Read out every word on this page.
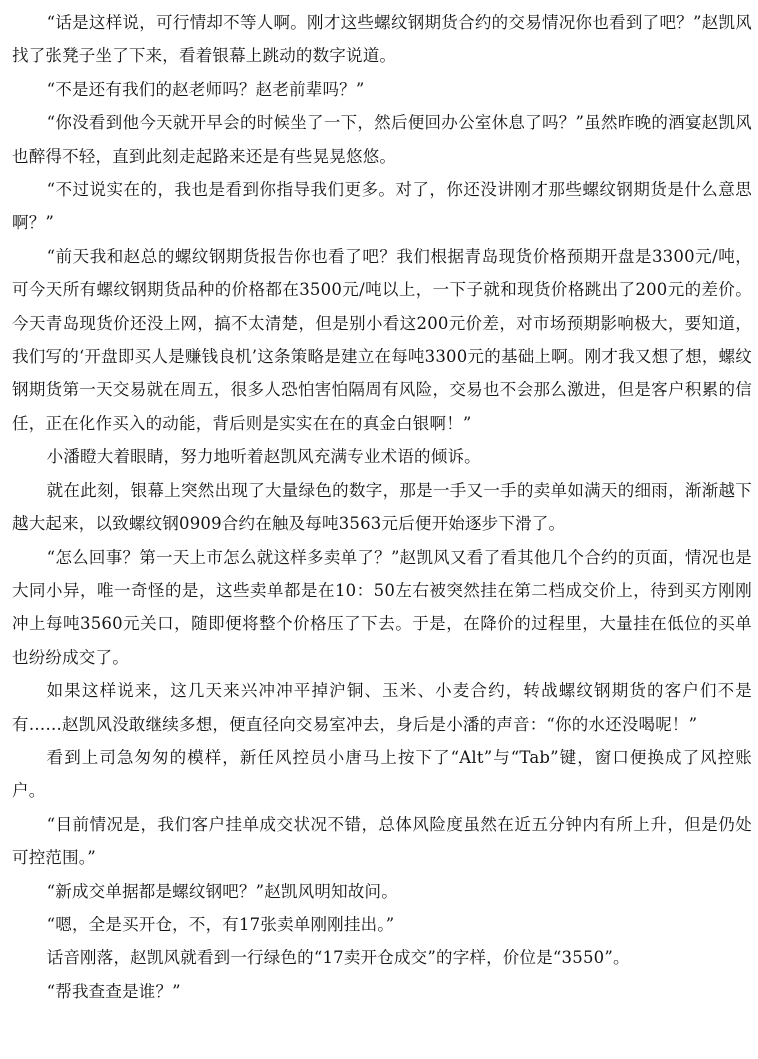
“话是这样说，可行情却不等人啊。刚才这些螺纹钢期货合约的交易情况你也看到了吧？”赵凯风找了张凳子坐了下来，看着银幕上跳动的数字说道。

“不是还有我们的赵老师吗？赵老前辈吗？”

“你没看到他今天就开早会的时候坐了一下，然后便回办公室休息了吗？”虽然昨晚的酒宴赵凯风也醉得不轻，直到此刻走起路来还是有些晃晃悠悠。

“不过说实在的，我也是看到你指导我们更多。对了，你还没讲刚才那些螺纹钢期货是什么意思啊？”

“前天我和赵总的螺纹钢期货报告你也看了吧？我们根据青岛现货价格预期开盘是3300元/吨，可今天所有螺纹钢期货品种的价格都在3500元/吨以上，一下子就和现货价格跳出了200元的差价。今天青岛现货价还没上网，搞不太清楚，但是别小看这200元价差，对市场预期影响极大，要知道，我们写的‘开盘即买人是赚钱良机’这条策略是建立在每吨3300元的基础上啊。刚才我又想了想，螺纹钢期货第一天交易就在周五，很多人恐怕害怕隔周有风险，交易也不会那么激进，但是客户积累的信任，正在化作买入的动能，背后则是实实在在的真金白银啊！”

小潘瞪大着眼睛，努力地听着赵凯风充满专业术语的倾诉。

就在此刻，银幕上突然出现了大量绿色的数字，那是一手又一手的卖单如满天的细雨，渐渐越下越大起来，以致螺纹钢0909合约在触及每吨3563元后便开始逐步下滑了。

“怎么回事？第一天上市怎么就这样多卖单了？”赵凯风又看了看其他几个合约的页面，情况也是大同小异，唯一奇怪的是，这些卖单都是在10：50左右被突然挂在第二档成交价上，待到买方刚刚冲上每吨3560元关口，随即便将整个价格压了下去。于是，在降价的过程里，大量挂在低位的买单也纷纷成交了。

如果这样说来，这几天来兴冲冲平掉沪铜、玉米、小麦合约，转战螺纹钢期货的客户们不是有……赵凯风没敢继续多想，便直径向交易室冲去，身后是小潘的声音：“你的水还没喝呢！”

看到上司急匆匆的模样，新任风控员小唐马上按下了“Alt”与“Tab”键，窗口便换成了风控账户。

“目前情况是，我们客户挂单成交状况不错，总体风险度虽然在近五分钟内有所上升，但是仍处可控范围。”

“新成交单据都是螺纹钢吧？”赵凯风明知故问。

“嗯，全是买开仓，不，有17张卖单刚刚挂出。”

话音刚落，赵凯风就看到一行绿色的“17卖开仓成交”的字样，价位是“3550”。

“帮我查查是谁？”
